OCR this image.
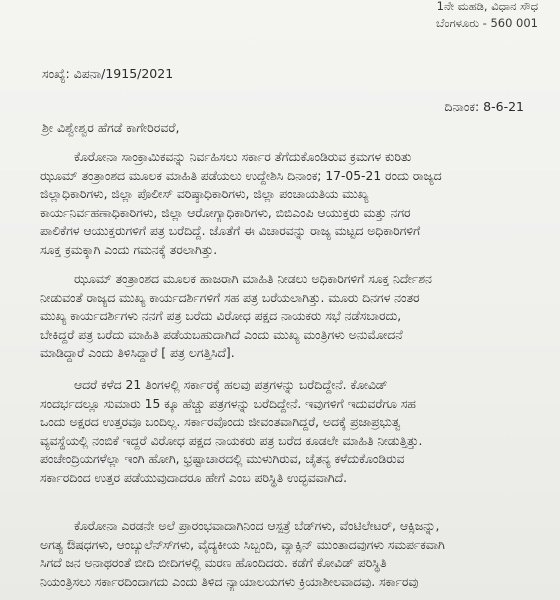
1ನೇ ಮಹಡಿ, ವಿಧಾನ ಸೌಧ
ಬೆಂಗಳೂರು - 560 001
ಸಂಖ್ಯೆ: ವಿಪನಾ/1915/2021
ದಿನಾಂಕ: 8-6-21
ಶ್ರೀ ವಿಶ್ವೇಶ್ವರ ಹೆಗಡೆ ಕಾಗೇರಿರವರೆ,
ಕೊರೋನಾ ಸಾಂಕ್ರಾಮಿಕವನ್ನು ನಿರ್ವಹಿಸಲು ಸರ್ಕಾರ ತೆಗೆದುಕೊಂಡಿರುವ ಕ್ರಮಗಳ ಕುರಿತು
ಝೂಮ್ ತಂತ್ರಾಂಶದ ಮೂಲಕ ಮಾಹಿತಿ ಪಡೆಯಲು ಉದ್ದೇಶಿಸಿ ದಿನಾಂಕ; 17-05-21 ರಂದು ರಾಜ್ಯದ
ಜಿಲ್ಲಾಧಿಕಾರಿಗಳು, ಜಿಲ್ಲಾ ಪೊಲೀಸ್ ವರಿಷ್ಠಾಧಿಕಾರಿಗಳು, ಜಿಲ್ಲಾ ಪಂಚಾಯತಿಯ ಮುಖ್ಯ
ಕಾರ್ಯನಿರ್ವಹಣಾಧಿಕಾರಿಗಳು, ಜಿಲ್ಲಾ ಆರೋಗ್ಯಾಧಿಕಾರಿಗಳು, ಬಿಬಿಎಂಪಿ ಆಯುಕ್ತರು ಮತ್ತು ನಗರ
ಪಾಲಿಕೆಗಳ ಆಯುಕ್ತರುಗಳಿಗೆ ಪತ್ರ ಬರೆದಿದ್ದೆ. ಜೊತೆಗೆ ಈ ವಿಚಾರವನ್ನು ರಾಜ್ಯ ಮಟ್ಟದ ಅಧಿಕಾರಿಗಳಿಗೆ
ಸೂಕ್ತ ಕ್ರಮಕ್ಕಾಗಿ ಎಂದು ಗಮನಕ್ಕೆ ತರಲಾಗಿತ್ತು.
ಝೂಮ್ ತಂತ್ರಾಂಶದ ಮೂಲಕ ಹಾಜರಾಗಿ ಮಾಹಿತಿ ನೀಡಲು ಅಧಿಕಾರಿಗಳಿಗೆ ಸೂಕ್ತ ನಿರ್ದೇಶನ
ನೀಡುವಂತೆ ರಾಜ್ಯದ ಮುಖ್ಯ ಕಾರ್ಯದರ್ಶಿಗಳಿಗೆ ಸಹ ಪತ್ರ ಬರೆಯಲಾಗಿತ್ತು. ಮೂರು ದಿನಗಳ ನಂತರ
ಮುಖ್ಯ ಕಾರ್ಯದರ್ಶಿಗಳು ನನಗೆ ಪತ್ರ ಬರೆದು ವಿರೋಧ ಪಕ್ಷದ ನಾಯಕರು ಸಭೆ ನಡೆಸಬಾರದು,
ಬೇಕಿದ್ದರೆ ಪತ್ರ ಬರೆದು ಮಾಹಿತಿ ಪಡೆಯಬಹುದಾಗಿದೆ ಎಂದು ಮುಖ್ಯ ಮಂತ್ರಿಗಳು ಅನುಮೋದನೆ
ಮಾಡಿದ್ದಾರೆ ಎಂದು ತಿಳಿಸಿದ್ದಾರೆ [ ಪತ್ರ ಲಗತ್ತಿಸಿದೆ].
ಆದರೆ ಕಳೆದ 21 ತಿಂಗಳಲ್ಲಿ ಸರ್ಕಾರಕ್ಕೆ ಹಲವು ಪತ್ರಗಳನ್ನು ಬರೆದಿದ್ದೇನೆ. ಕೋವಿಡ್
ಸಂದರ್ಭದಲ್ಲೂ ಸುಮಾರು 15 ಕ್ಕೂ ಹೆಚ್ಚು ಪತ್ರಗಳನ್ನು ಬರೆದಿದ್ದೇನೆ. ಇವುಗಳಿಗೆ ಇದುವರೆಗೂ ಸಹ
ಒಂದು ಅಕ್ಷರದ ಉತ್ತರವೂ ಬಂದಿಲ್ಲ. ಸರ್ಕಾರವೊಂದು ಜೀವಂತವಾಗಿದ್ದರೆ, ಅದಕ್ಕೆ ಪ್ರಜಾಪ್ರಭುತ್ವ
ವ್ಯವಸ್ಥೆಯಲ್ಲಿ ನಂಬಿಕೆ ಇದ್ದರೆ ವಿರೋಧ ಪಕ್ಷದ ನಾಯಕರು ಪತ್ರ ಬರೆದ ಕೂಡಲೇ ಮಾಹಿತಿ ನೀಡುತ್ತಿತ್ತು.
ಪಂಚೇಂದ್ರಿಯಗಳೆಲ್ಲಾ ಇಂಗಿ ಹೋಗಿ, ಭ್ರಷ್ಟಾಚಾರದಲ್ಲಿ ಮುಳುಗಿರುವ, ಚೈತನ್ಯ ಕಳೆದುಕೊಂಡಿರುವ
ಸರ್ಕಾರದಿಂದ ಉತ್ತರ ಪಡೆಯುವುದಾದರೂ ಹೇಗೆ ಎಂಬ ಪರಿಸ್ಥಿತಿ ಉದ್ಭವವಾಗಿದೆ.
ಕೊರೋನಾ ಎರಡನೇ ಅಲೆ ಪ್ರಾರಂಭವಾದಾಗಿನಿಂದ ಆಸ್ಪತ್ರೆ ಬೆಡ್‍ಗಳು, ವೆಂಟಿಲೇಟರ್, ಆಕ್ಸಿಜನ್ನು,
ಅಗತ್ಯ ಔಷಧಗಳು, ಆಂಬ್ಯುಲೆನ್ಸ್‍ಗಳು, ವೈದ್ಯಕೀಯ ಸಿಬ್ಬಂದಿ, ವ್ಯಾಕ್ಸಿನ್ ಮುಂತಾದವುಗಳು ಸಮರ್ಪಕವಾಗಿ
ಸಿಗದೆ ಜನ ಅನಾಥರಂತೆ ಬೀದಿ ಬೀದಿಗಳಲ್ಲಿ ಮರಣ ಹೊಂದಿದರು. ಕಡೆಗೆ ಕೋವಿಡ್ ಪರಿಸ್ಥಿತಿ
ನಿಯಂತ್ರಿಸಲು ಸರ್ಕಾರದಿಂದಾಗದು ಎಂದು ತಿಳಿದ ನ್ಯಾಯಾಲಯಗಳು ಕ್ರಿಯಾಶೀಲವಾದವು. ಸರ್ಕಾರವು
